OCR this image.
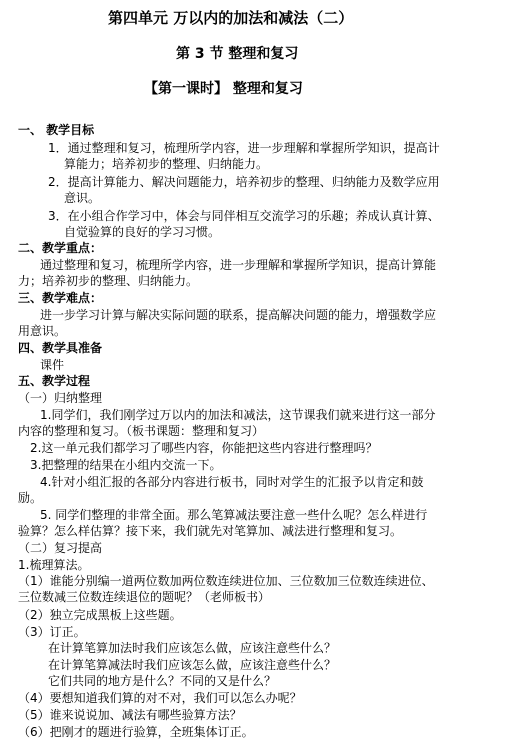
第四单元 万以内的加法和减法（二）
第 3 节 整理和复习
【第一课时】 整理和复习
一、 教学目标
1．通过整理和复习，梳理所学内容，进一步理解和掌握所学知识，提高计
算能力；培养初步的整理、归纳能力。
2．提高计算能力、解决问题能力，培养初步的整理、归纳能力及数学应用
意识。
3．在小组合作学习中，体会与同伴相互交流学习的乐趣；养成认真计算、
自觉验算的良好的学习习惯。
二、教学重点：
通过整理和复习，梳理所学内容，进一步理解和掌握所学知识，提高计算能
力；培养初步的整理、归纳能力。
三、教学难点：
进一步学习计算与解决实际问题的联系，提高解决问题的能力，增强数学应
用意识。
四、教学具准备
课件
五、教学过程
（一）归纳整理
1.同学们，我们刚学过万以内的加法和减法，这节课我们就来进行这一部分
内容的整理和复习。（板书课题：整理和复习）
2.这一单元我们都学习了哪些内容，你能把这些内容进行整理吗？
3.把整理的结果在小组内交流一下。
4.针对小组汇报的各部分内容进行板书，同时对学生的汇报予以肯定和鼓
励。
5. 同学们整理的非常全面。那么笔算减法要注意一些什么呢？怎么样进行
验算？怎么样估算？接下来，我们就先对笔算加、减法进行整理和复习。
（二）复习提高
1.梳理算法。
（1）谁能分别编一道两位数加两位数连续进位加、三位数加三位数连续进位、
三位数减三位数连续退位的题呢？（老师板书）
（2）独立完成黑板上这些题。
（3）订正。
在计算笔算加法时我们应该怎么做，应该注意些什么？
在计算笔算减法时我们应该怎么做，应该注意些什么？
它们共同的地方是什么？不同的又是什么？
（4）要想知道我们算的对不对，我们可以怎么办呢？
（5）谁来说说加、减法有哪些验算方法？
（6）把刚才的题进行验算，全班集体订正。
